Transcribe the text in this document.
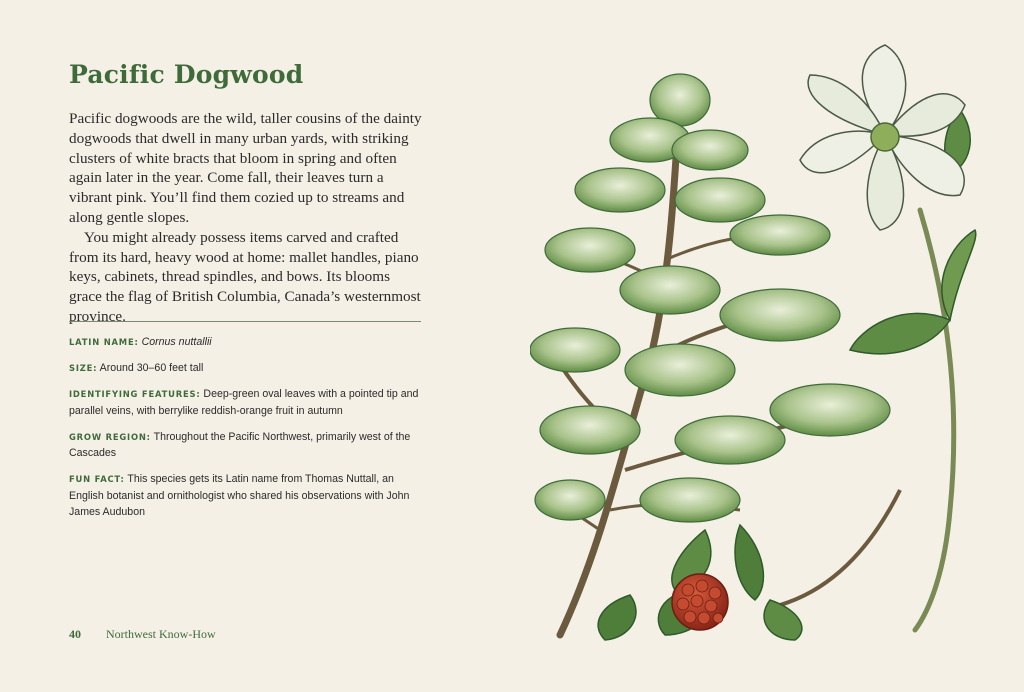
Pacific Dogwood

Pacific dogwoods are the wild, taller cousins of the dainty dogwoods that dwell in many urban yards, with striking clusters of white bracts that bloom in spring and often again later in the year. Come fall, their leaves turn a vibrant pink. You’ll find them cozied up to streams and along gentle slopes.

You might already possess items carved and crafted from its hard, heavy wood at home: mallet handles, piano keys, cabinets, thread spindles, and bows. Its blooms grace the flag of British Columbia, Canada’s westernmost province.

LATIN NAME: Cornus nuttallii
SIZE: Around 30–60 feet tall
IDENTIFYING FEATURES: Deep-green oval leaves with a pointed tip and parallel veins, with berrylike reddish-orange fruit in autumn
GROW REGION: Throughout the Pacific Northwest, primarily west of the Cascades
FUN FACT: This species gets its Latin name from Thomas Nuttall, an English botanist and ornithologist who shared his observations with John James Audubon
40 Northwest Know-How
